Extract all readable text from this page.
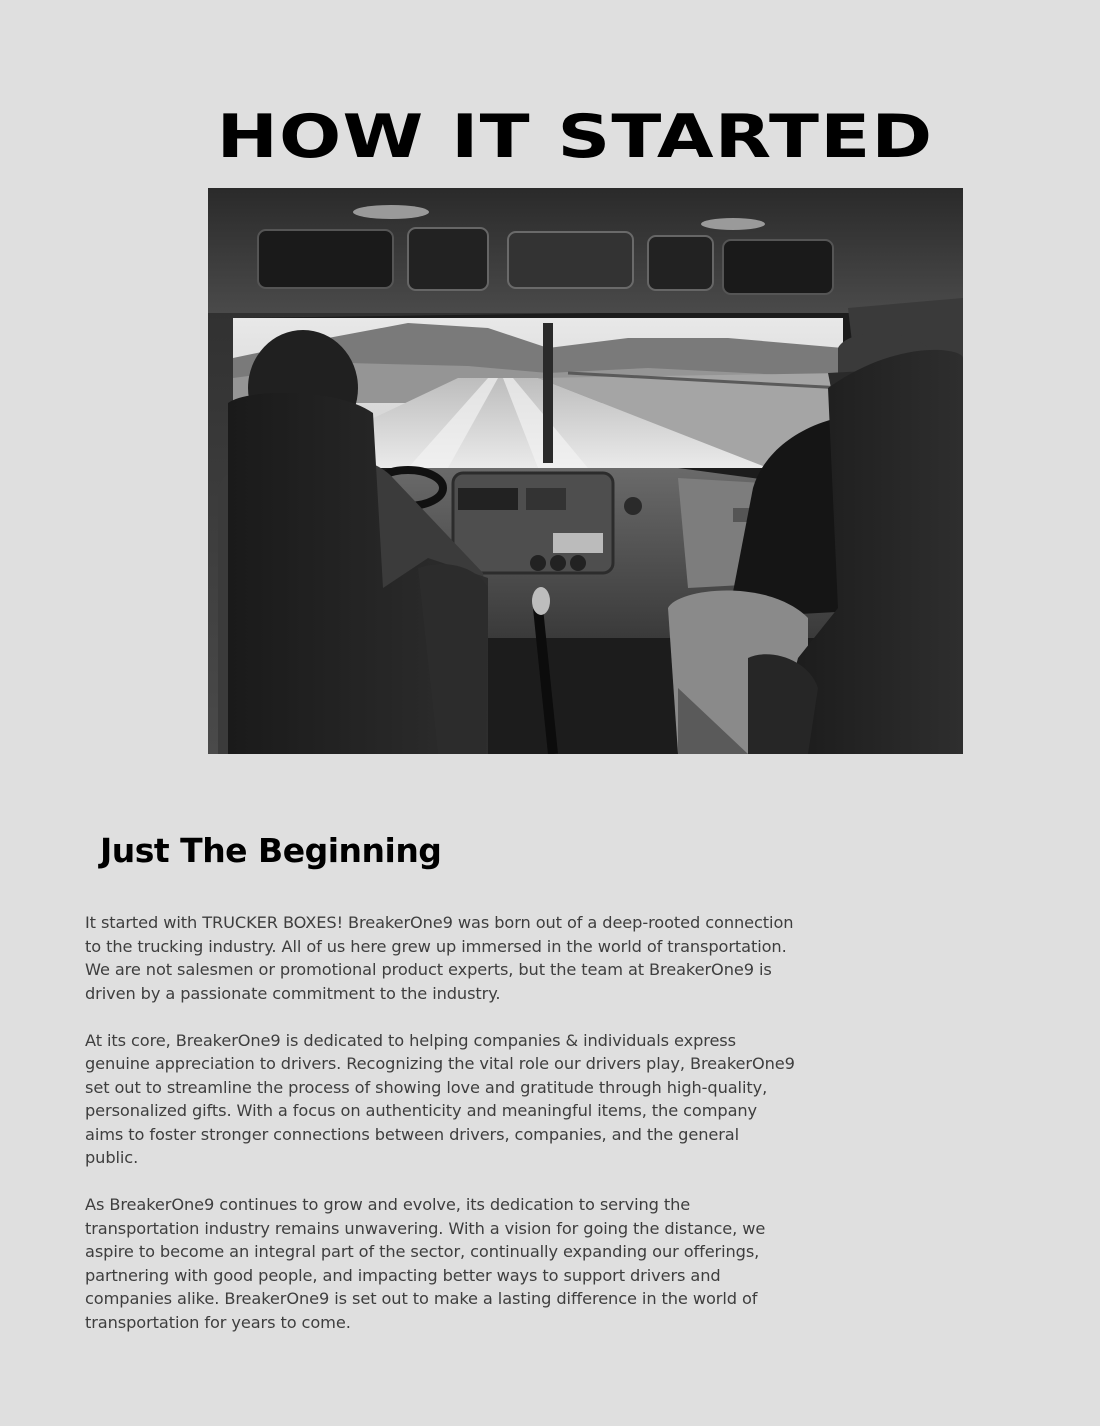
HOW IT STARTED
Just The Beginning

It started with TRUCKER BOXES! BreakerOne9 was born out of a deep-rooted connection to the trucking industry. All of us here grew up immersed in the world of transportation. We are not salesmen or promotional product experts, but the team at BreakerOne9 is driven by a passionate commitment to the industry.

At its core, BreakerOne9 is dedicated to helping companies & individuals express genuine appreciation to drivers. Recognizing the vital role our drivers play, BreakerOne9 set out to streamline the process of showing love and gratitude through high-quality, personalized gifts. With a focus on authenticity and meaningful items, the company aims to foster stronger connections between drivers, companies, and the general public.

As BreakerOne9 continues to grow and evolve, its dedication to serving the transportation industry remains unwavering. With a vision for going the distance, we aspire to become an integral part of the sector, continually expanding our offerings, partnering with good people, and impacting better ways to support drivers and companies alike. BreakerOne9 is set out to make a lasting difference in the world of transportation for years to come.
